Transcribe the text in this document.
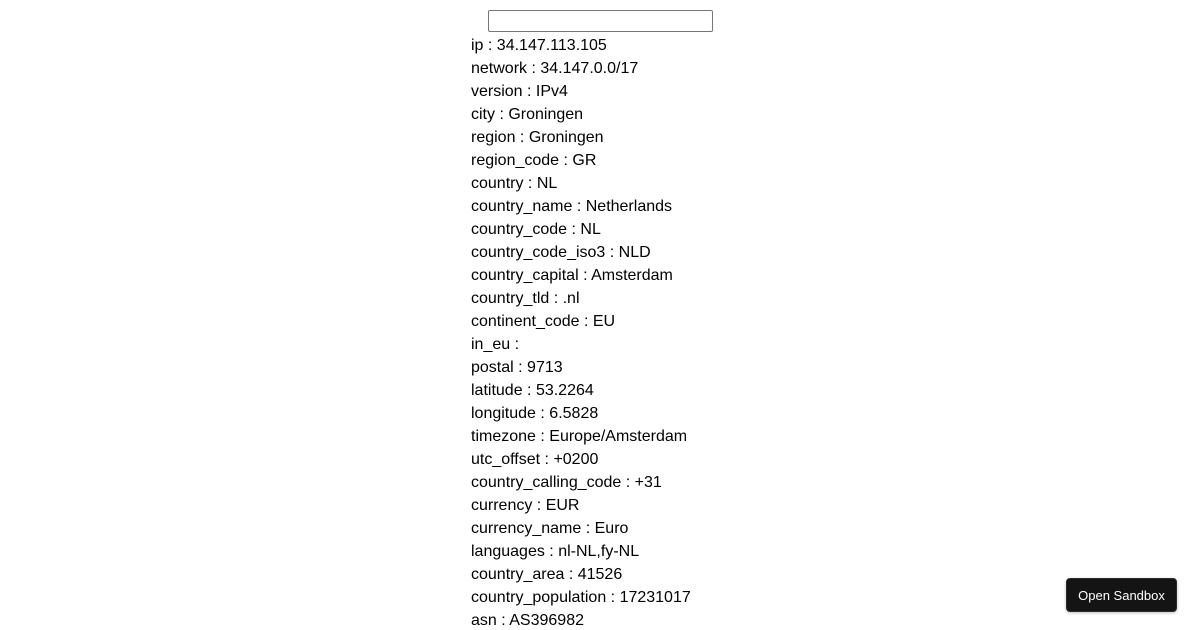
ip : 34.147.113.105
network : 34.147.0.0/17
version : IPv4
city : Groningen
region : Groningen
region_code : GR
country : NL
country_name : Netherlands
country_code : NL
country_code_iso3 : NLD
country_capital : Amsterdam
country_tld : .nl
continent_code : EU
in_eu :
postal : 9713
latitude : 53.2264
longitude : 6.5828
timezone : Europe/Amsterdam
utc_offset : +0200
country_calling_code : +31
currency : EUR
currency_name : Euro
languages : nl-NL,fy-NL
country_area : 41526
country_population : 17231017
asn : AS396982
Open Sandbox
